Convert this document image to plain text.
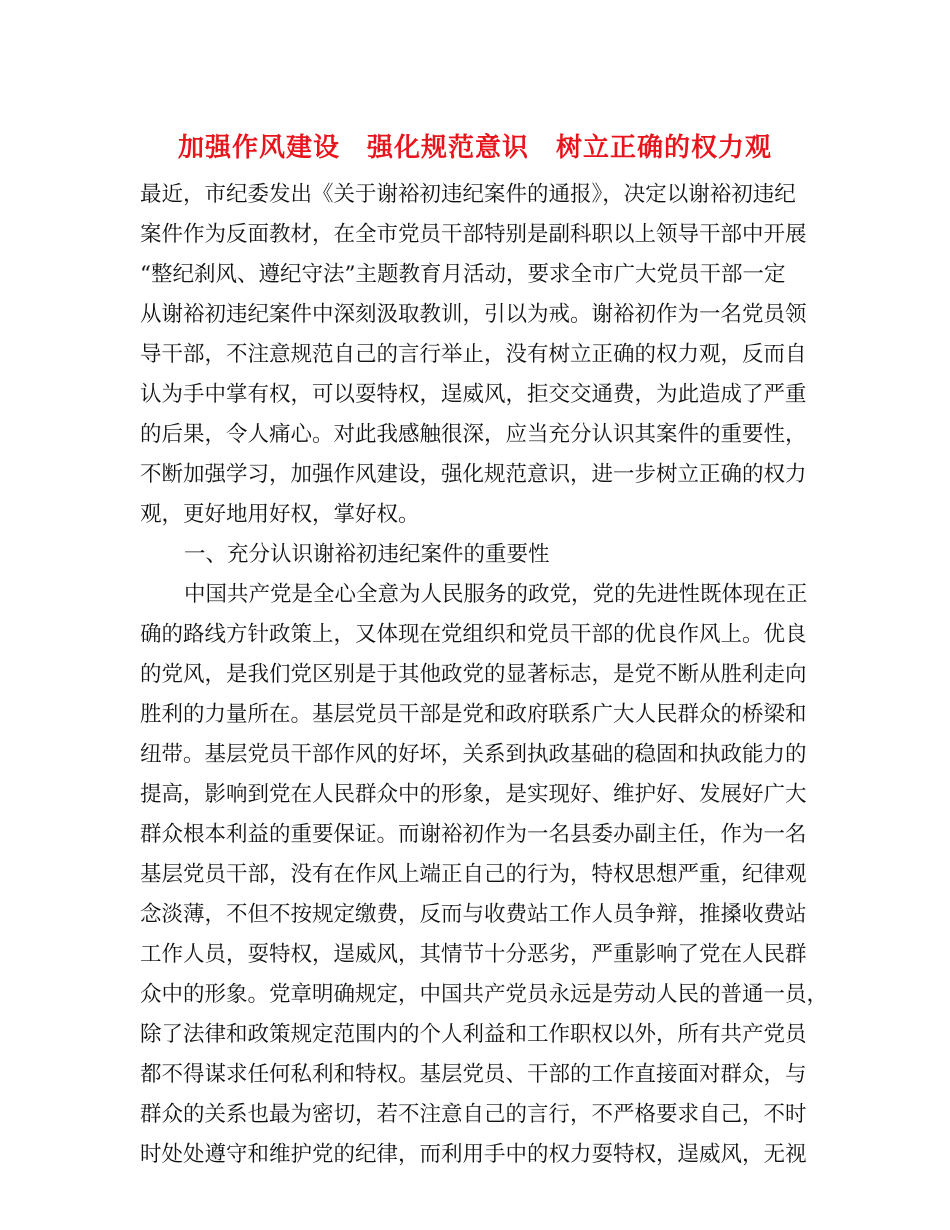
加强作风建设　强化规范意识　树立正确的权力观
最近，市纪委发出《关于谢裕初违纪案件的通报》，决定以谢裕初违纪
案件作为反面教材，在全市党员干部特别是副科职以上领导干部中开展
“整纪刹风、遵纪守法”主题教育月活动，要求全市广大党员干部一定
从谢裕初违纪案件中深刻汲取教训，引以为戒。谢裕初作为一名党员领
导干部，不注意规范自己的言行举止，没有树立正确的权力观，反而自
认为手中掌有权，可以耍特权，逞威风，拒交交通费，为此造成了严重
的后果，令人痛心。对此我感触很深，应当充分认识其案件的重要性，
不断加强学习，加强作风建设，强化规范意识，进一步树立正确的权力
观，更好地用好权，掌好权。
一、充分认识谢裕初违纪案件的重要性
中国共产党是全心全意为人民服务的政党，党的先进性既体现在正
确的路线方针政策上，又体现在党组织和党员干部的优良作风上。优良
的党风，是我们党区别是于其他政党的显著标志，是党不断从胜利走向
胜利的力量所在。基层党员干部是党和政府联系广大人民群众的桥梁和
纽带。基层党员干部作风的好坏，关系到执政基础的稳固和执政能力的
提高，影响到党在人民群众中的形象，是实现好、维护好、发展好广大
群众根本利益的重要保证。而谢裕初作为一名县委办副主任，作为一名
基层党员干部，没有在作风上端正自己的行为，特权思想严重，纪律观
念淡薄，不但不按规定缴费，反而与收费站工作人员争辩，推搡收费站
工作人员，耍特权，逞威风，其情节十分恶劣，严重影响了党在人民群
众中的形象。党章明确规定，中国共产党员永远是劳动人民的普通一员，
除了法律和政策规定范围内的个人利益和工作职权以外，所有共产党员
都不得谋求任何私利和特权。基层党员、干部的工作直接面对群众，与
群众的关系也最为密切，若不注意自己的言行，不严格要求自己，不时
时处处遵守和维护党的纪律，而利用手中的权力耍特权，逞威风，无视
